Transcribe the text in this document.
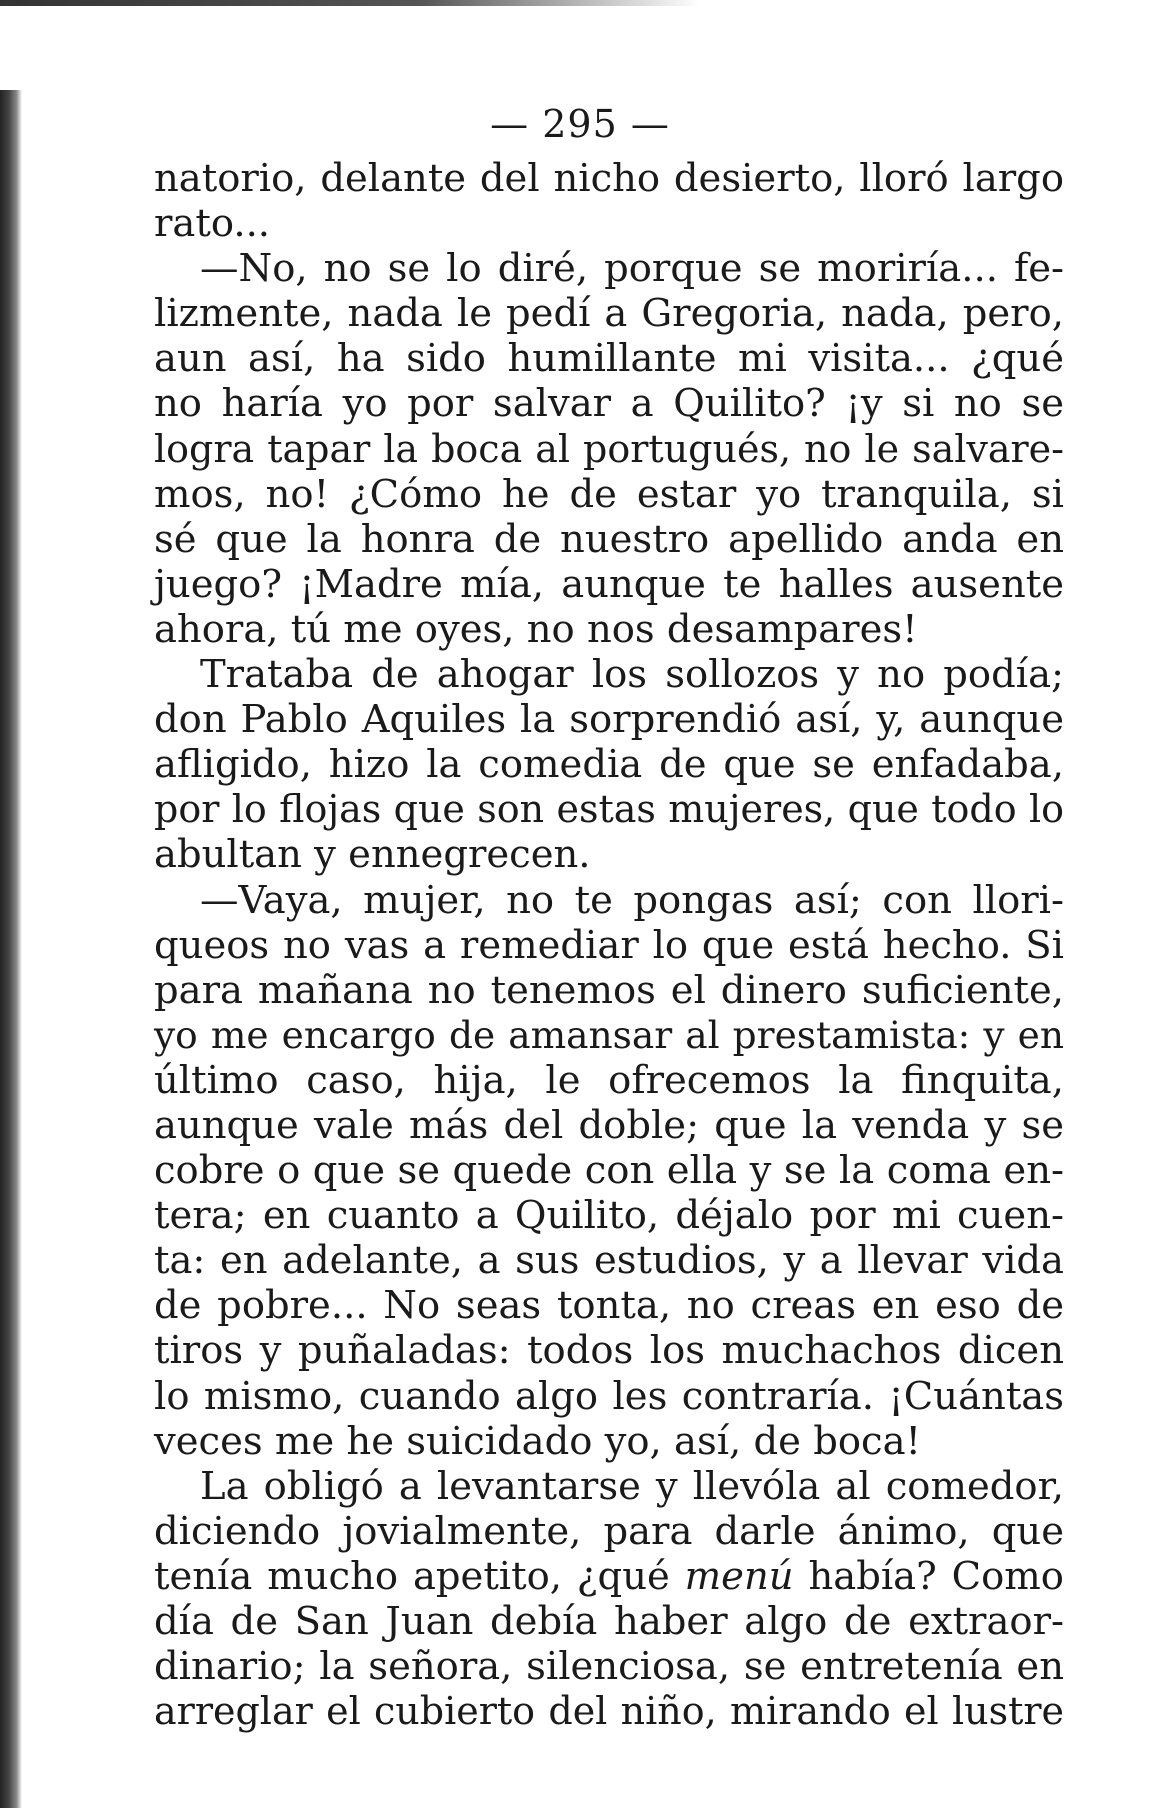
— 295 —
natorio, delante del nicho desierto, lloró largo
rato...
—No, no se lo diré, porque se moriría... fe-
lizmente, nada le pedí a Gregoria, nada, pero,
aun así, ha sido humillante mi visita... ¿qué
no haría yo por salvar a Quilito? ¡y si no se
logra tapar la boca al portugués, no le salvare-
mos, no! ¿Cómo he de estar yo tranquila, si
sé que la honra de nuestro apellido anda en
juego? ¡Madre mía, aunque te halles ausente
ahora, tú me oyes, no nos desampares!
Trataba de ahogar los sollozos y no podía;
don Pablo Aquiles la sorprendió así, y, aunque
afligido, hizo la comedia de que se enfadaba,
por lo flojas que son estas mujeres, que todo lo
abultan y ennegrecen.
—Vaya, mujer, no te pongas así; con llori-
queos no vas a remediar lo que está hecho. Si
para mañana no tenemos el dinero suficiente,
yo me encargo de amansar al prestamista: y en
último caso, hija, le ofrecemos la finquita,
aunque vale más del doble; que la venda y se
cobre o que se quede con ella y se la coma en-
tera; en cuanto a Quilito, déjalo por mi cuen-
ta: en adelante, a sus estudios, y a llevar vida
de pobre... No seas tonta, no creas en eso de
tiros y puñaladas: todos los muchachos dicen
lo mismo, cuando algo les contraría. ¡Cuántas
veces me he suicidado yo, así, de boca!
La obligó a levantarse y llevóla al comedor,
diciendo jovialmente, para darle ánimo, que
tenía mucho apetito, ¿qué menú había? Como
día de San Juan debía haber algo de extraor-
dinario; la señora, silenciosa, se entretenía en
arreglar el cubierto del niño, mirando el lustre
